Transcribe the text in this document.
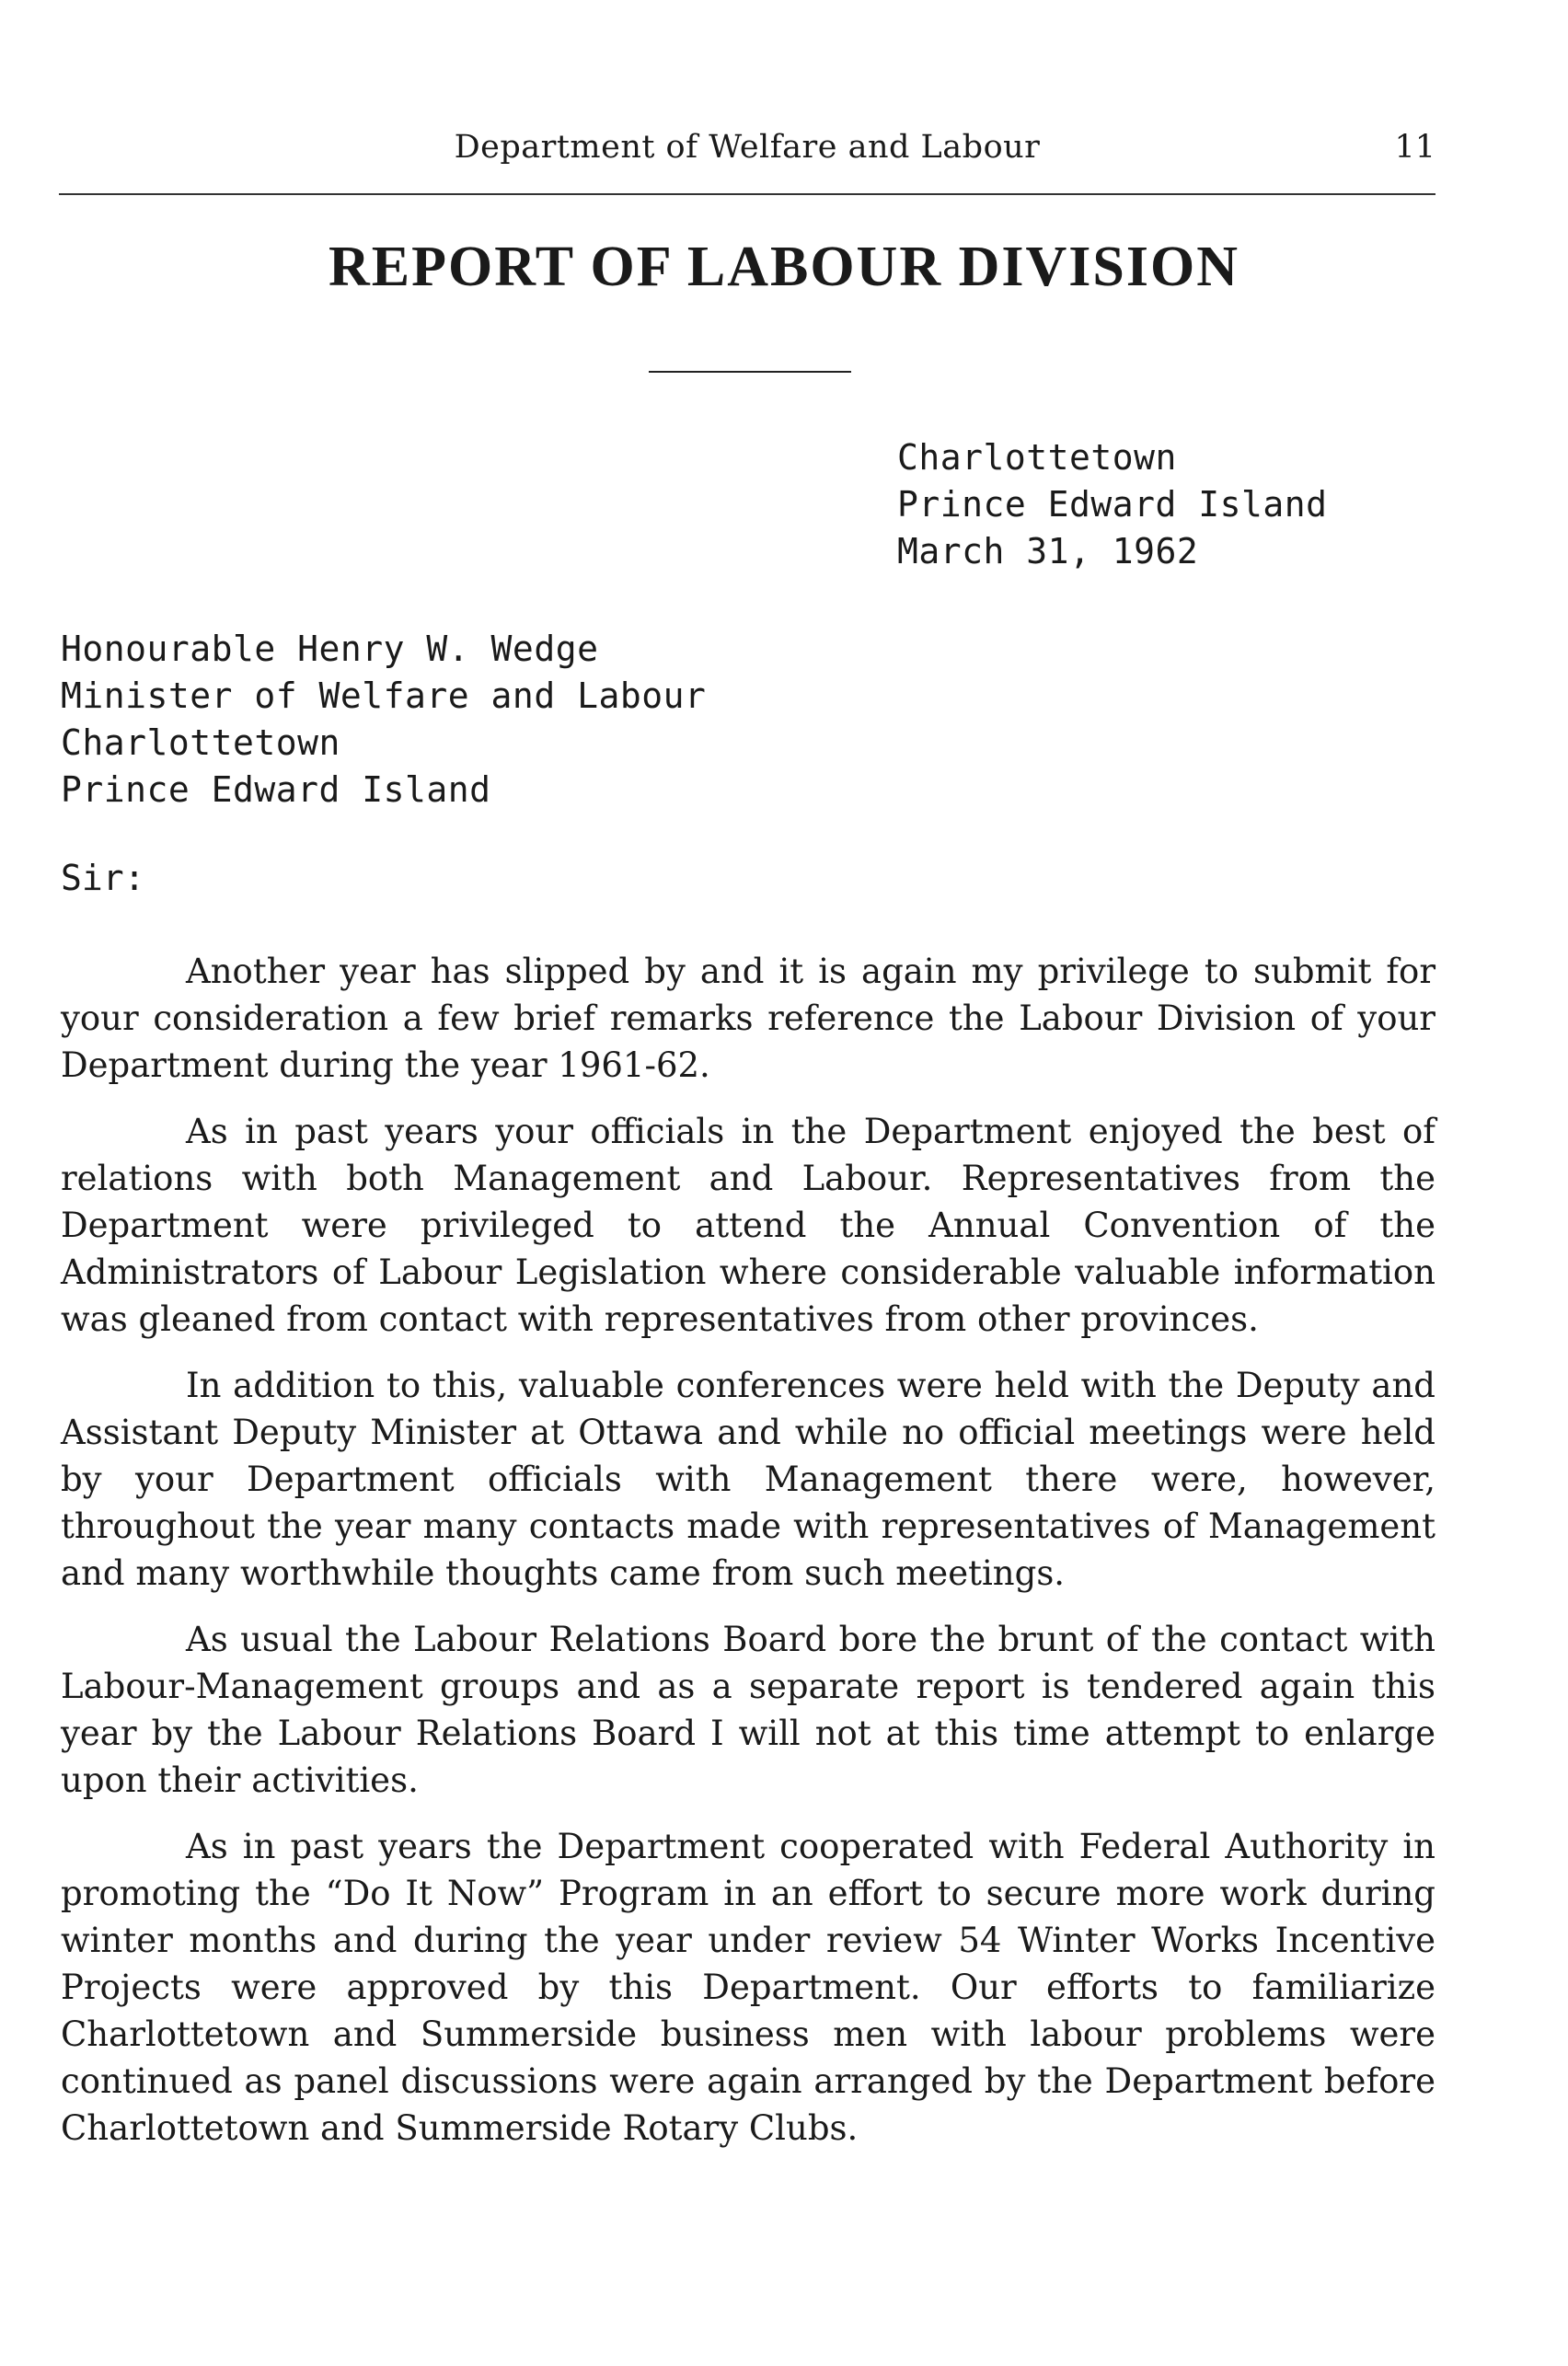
Department of Welfare and Labour	11
REPORT OF LABOUR DIVISION
Charlottetown
Prince Edward Island
March 31, 1962
Honourable Henry W. Wedge
Minister of Welfare and Labour
Charlottetown
Prince Edward Island
Sir:

Another year has slipped by and it is again my privilege to submit for your consideration a few brief remarks reference the Labour Division of your Department during the year 1961-62.

As in past years your officials in the Department enjoyed the best of relations with both Management and Labour. Representatives from the Department were privileged to attend the Annual Convention of the Administrators of Labour Legislation where considerable valuable information was gleaned from contact with representatives from other provinces.

In addition to this, valuable conferences were held with the Deputy and Assistant Deputy Minister at Ottawa and while no official meetings were held by your Department officials with Management there were, however, throughout the year many contacts made with representatives of Management and many worthwhile thoughts came from such meetings.

As usual the Labour Relations Board bore the brunt of the contact with Labour-Management groups and as a separate report is tendered again this year by the Labour Relations Board I will not at this time attempt to enlarge upon their activities.

As in past years the Department cooperated with Federal Authority in promoting the “Do It Now” Program in an effort to secure more work during winter months and during the year under review 54 Winter Works Incentive Projects were approved by this Department. Our efforts to familiarize Charlottetown and Summerside business men with labour problems were continued as panel discussions were again arranged by the Department before Charlottetown and Summerside Rotary Clubs.
